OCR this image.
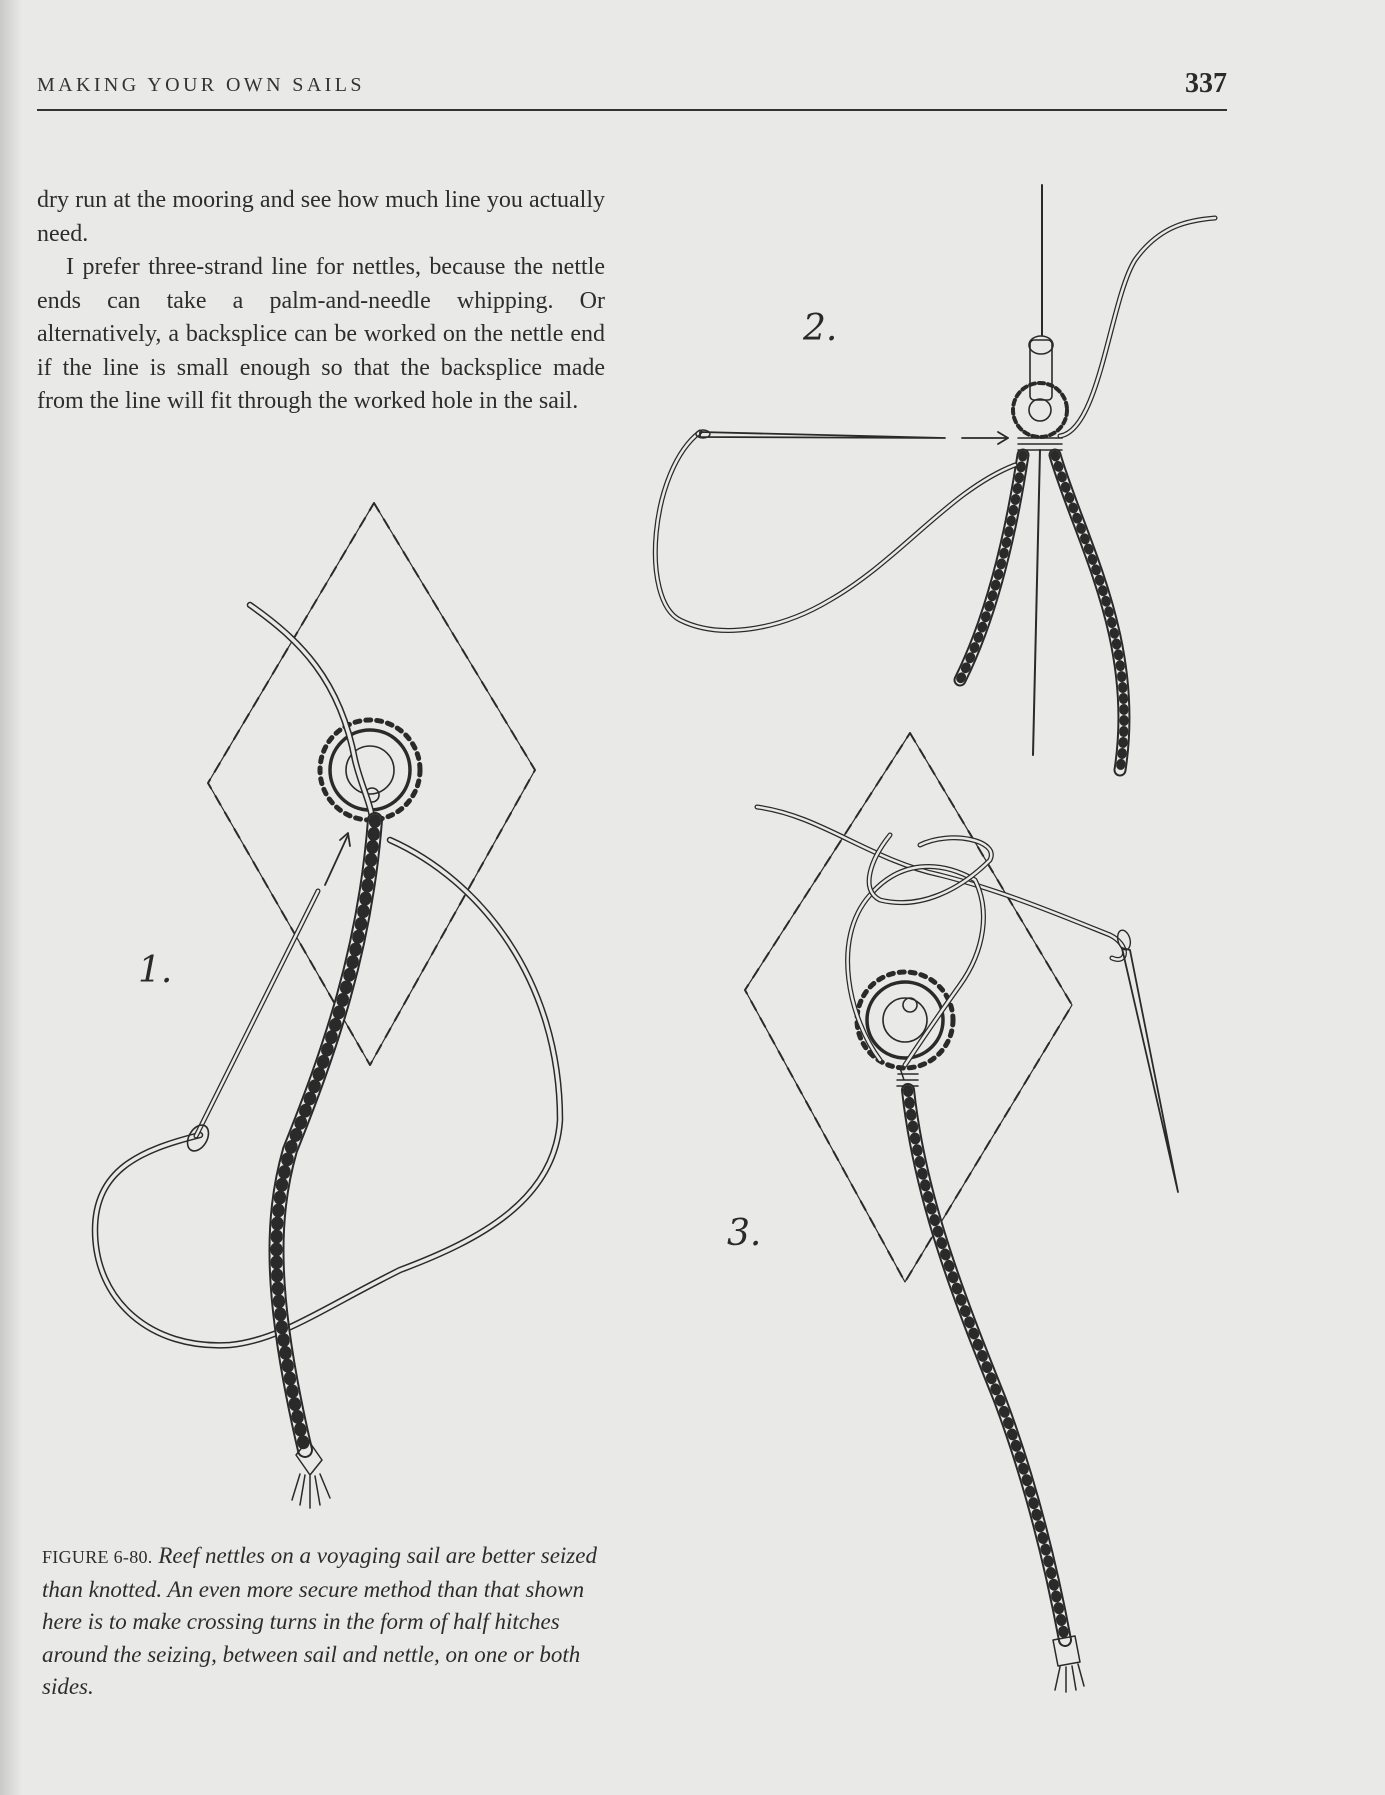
MAKING YOUR OWN SAILS	337

dry run at the mooring and see how much line you actually need.

I prefer three-strand line for nettles, because the nettle ends can take a palm-and-needle whipping. Or alternatively, a backsplice can be worked on the nettle end if the line is small enough so that the backsplice made from the line will fit through the worked hole in the sail.

1.
2.
3.
FIGURE 6-80. Reef nettles on a voyaging sail are better seized than knotted. An even more secure method than that shown here is to make crossing turns in the form of half hitches around the seizing, between sail and nettle, on one or both sides.
